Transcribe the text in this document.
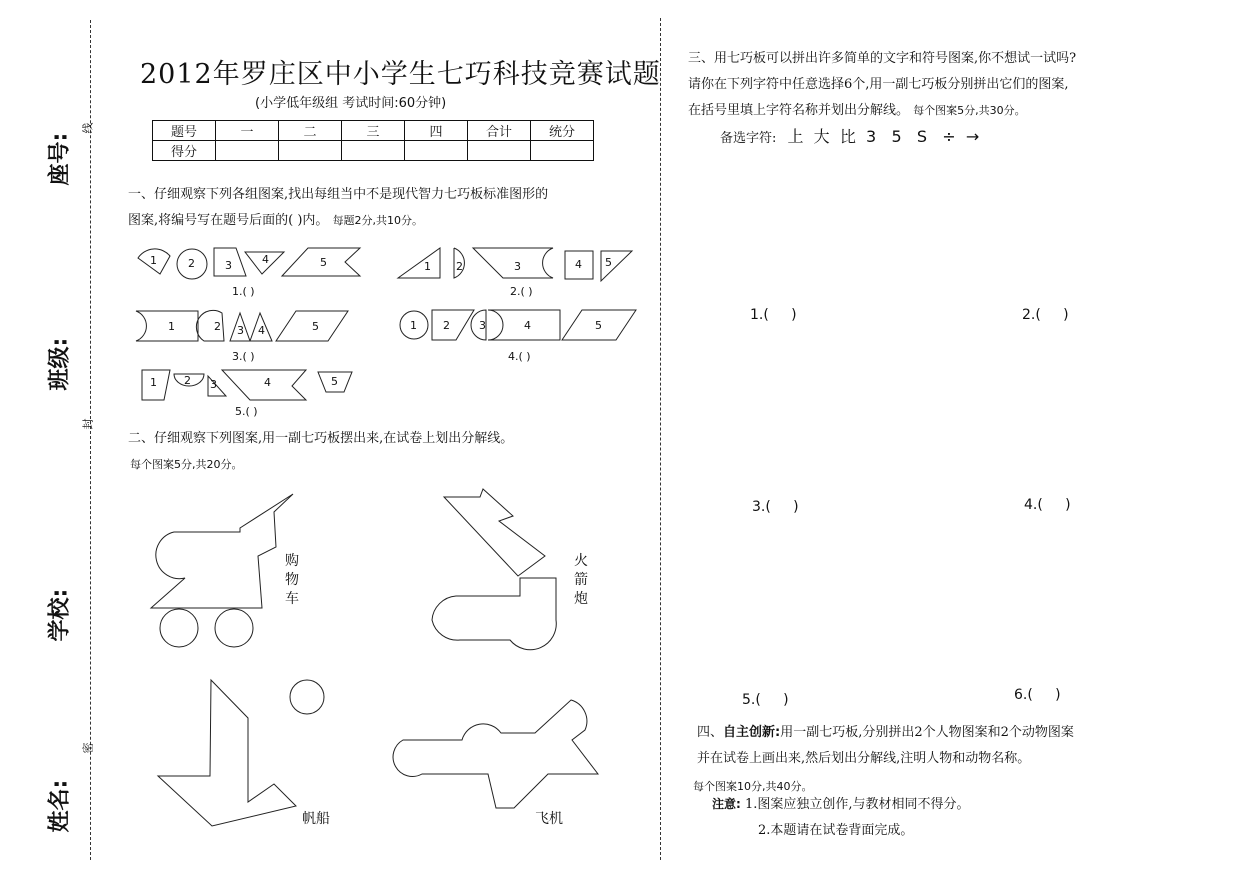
座号:
班级:
学校:
姓名:
线
封
密
2012年罗庄区中小学生七巧科技竞赛试题
(小学低年级组 考试时间:60分钟)
题号	一	二	三	四	合计	统分
得分						
一、仔细观察下列各组图案,找出每组当中不是现代智力七巧板标准图形的
图案,将编号写在题号后面的( )内。 每题2分,共10分。
1	2	3	4	5
1.( )
1 2	3	4 5
2.( )
1	2 3 4	5
3.( )
1 2	3	4	5
4.( )
1 2 3	4	5
5.( )
二、仔细观察下列图案,用一副七巧板摆出来,在试卷上划出分解线。
每个图案5分,共20分。
购物车
火箭炮
帆船	飞机
三、用七巧板可以拼出许多简单的文字和符号图案,你不想试一试吗?
请你在下列字符中任意选择6个,用一副七巧板分别拼出它们的图案,
在括号里填上字符名称并划出分解线。 每个图案5分,共30分。
备选字符: 上  大  比  3   5   S   ÷  →
1.(     )	2.(     )
3.(     )	4.(     )
5.(     )	6.(     )
四、自主创新:用一副七巧板,分别拼出2个人物图案和2个动物图案
并在试卷上画出来,然后划出分解线,注明人物和动物名称。
每个图案10分,共40分。
注意: 1.图案应独立创作,与教材相同不得分。
2.本题请在试卷背面完成。
